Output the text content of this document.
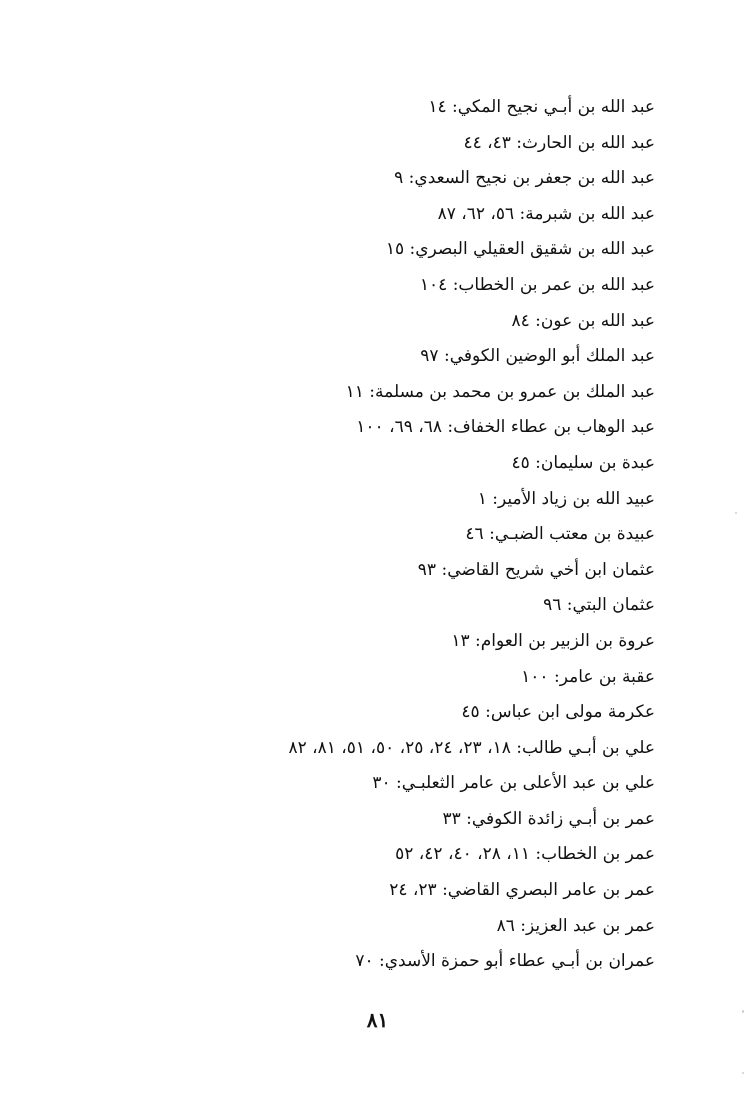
عبد الله بن أبـي نجيح المكي: ١٤
عبد الله بن الحارث: ٤٣، ٤٤
عبد الله بن جعفر بن نجيح السعدي: ٩
عبد الله بن شبرمة: ٥٦، ٦٢، ٨٧
عبد الله بن شقيق العقيلي البصري: ١٥
عبد الله بن عمر بن الخطاب: ١٠٤
عبد الله بن عون: ٨٤
عبد الملك أبو الوضين الكوفي: ٩٧
عبد الملك بن عمرو بن محمد بن مسلمة: ١١
عبد الوهاب بن عطاء الخفاف: ٦٨، ٦٩، ١٠٠
عبدة بن سليمان: ٤٥
عبيد الله بن زياد الأمير: ١
عبيدة بن معتب الضبـي: ٤٦
عثمان ابن أخي شريح القاضي: ٩٣
عثمان البتي: ٩٦
عروة بن الزبير بن العوام: ١٣
عقبة بن عامر: ١٠٠
عكرمة مولى ابن عباس: ٤٥
علي بن أبـي طالب: ١٨، ٢٣، ٢٤، ٢٥، ٥٠، ٥١، ٨١، ٨٢
علي بن عبد الأعلى بن عامر الثعلبـي: ٣٠
عمر بن أبـي زائدة الكوفي: ٣٣
عمر بن الخطاب: ١١، ٢٨، ٤٠، ٤٢، ٥٢
عمر بن عامر البصري القاضي: ٢٣، ٢٤
عمر بن عبد العزيز: ٨٦
عمران بن أبـي عطاء أبو حمزة الأسدي: ٧٠
٨١
